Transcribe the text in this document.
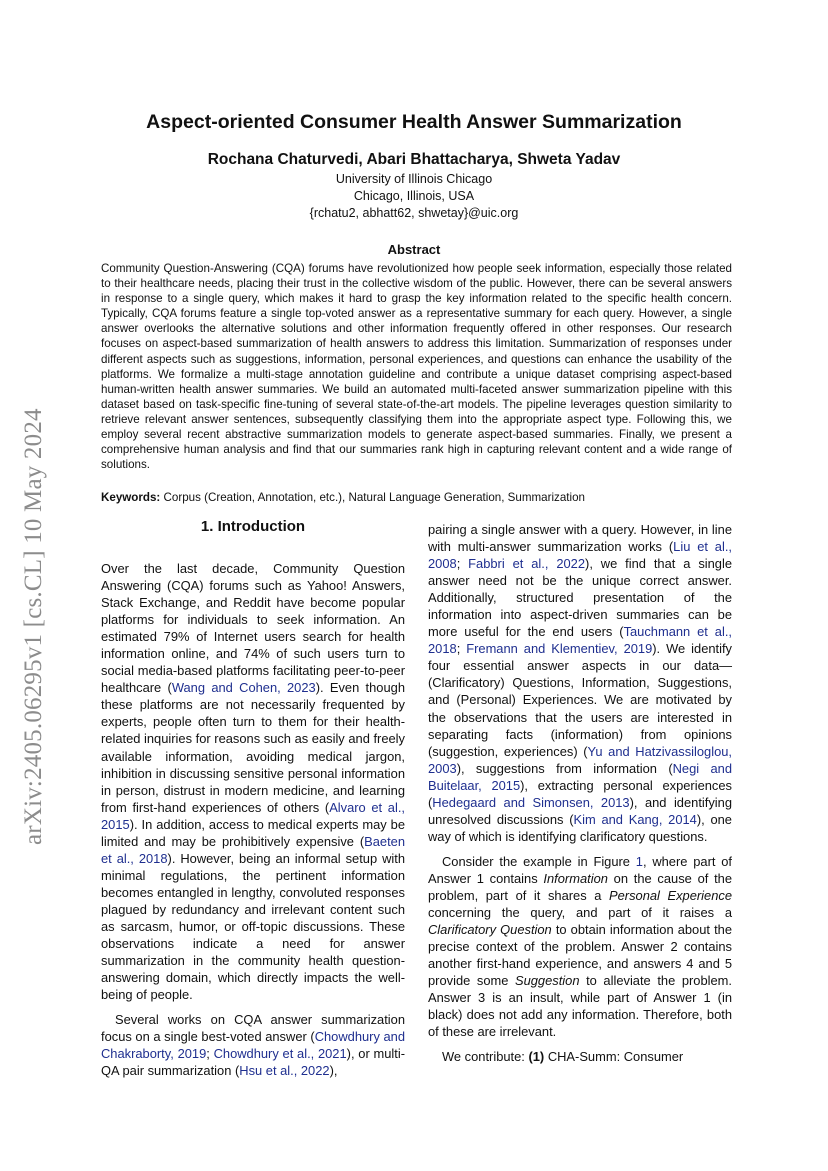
arXiv:2405.06295v1 [cs.CL] 10 May 2024
Aspect-oriented Consumer Health Answer Summarization
Rochana Chaturvedi, Abari Bhattacharya, Shweta Yadav
University of Illinois Chicago
Chicago, Illinois, USA
{rchatu2, abhatt62, shwetay}@uic.org
Abstract
Community Question-Answering (CQA) forums have revolutionized how people seek information, especially those related to their healthcare needs, placing their trust in the collective wisdom of the public. However, there can be several answers in response to a single query, which makes it hard to grasp the key information related to the specific health concern. Typically, CQA forums feature a single top-voted answer as a representative summary for each query. However, a single answer overlooks the alternative solutions and other information frequently offered in other responses. Our research focuses on aspect-based summarization of health answers to address this limitation. Summarization of responses under different aspects such as suggestions, information, personal experiences, and questions can enhance the usability of the platforms. We formalize a multi-stage annotation guideline and contribute a unique dataset comprising aspect-based human-written health answer summaries. We build an automated multi-faceted answer summarization pipeline with this dataset based on task-specific fine-tuning of several state-of-the-art models. The pipeline leverages question similarity to retrieve relevant answer sentences, subsequently classifying them into the appropriate aspect type. Following this, we employ several recent abstractive summarization models to generate aspect-based summaries. Finally, we present a comprehensive human analysis and find that our summaries rank high in capturing relevant content and a wide range of solutions.
Keywords: Corpus (Creation, Annotation, etc.), Natural Language Generation, Summarization
1. Introduction

Over the last decade, Community Question Answering (CQA) forums such as Yahoo! Answers, Stack Exchange, and Reddit have become popular platforms for individuals to seek information. An estimated 79% of Internet users search for health information online, and 74% of such users turn to social media-based platforms facilitating peer-to-peer healthcare (Wang and Cohen, 2023). Even though these platforms are not necessarily frequented by experts, people often turn to them for their health-related inquiries for reasons such as easily and freely available information, avoiding medical jargon, inhibition in discussing sensitive personal information in person, distrust in modern medicine, and learning from first-hand experiences of others (Alvaro et al., 2015). In addition, access to medical experts may be limited and may be prohibitively expensive (Baeten et al., 2018). However, being an informal setup with minimal regulations, the pertinent information becomes entangled in lengthy, convoluted responses plagued by redundancy and irrelevant content such as sarcasm, humor, or off-topic discussions. These observations indicate a need for answer summarization in the community health question-answering domain, which directly impacts the well-being of people.

Several works on CQA answer summarization focus on a single best-voted answer (Chowdhury and Chakraborty, 2019; Chowdhury et al., 2021), or multi-QA pair summarization (Hsu et al., 2022),

pairing a single answer with a query. However, in line with multi-answer summarization works (Liu et al., 2008; Fabbri et al., 2022), we find that a single answer need not be the unique correct answer. Additionally, structured presentation of the information into aspect-driven summaries can be more useful for the end users (Tauchmann et al., 2018; Fremann and Klementiev, 2019). We identify four essential answer aspects in our data—(Clarificatory) Questions, Information, Suggestions, and (Personal) Experiences. We are motivated by the observations that the users are interested in separating facts (information) from opinions (suggestion, experiences) (Yu and Hatzivassiloglou, 2003), suggestions from information (Negi and Buitelaar, 2015), extracting personal experiences (Hedegaard and Simonsen, 2013), and identifying unresolved discussions (Kim and Kang, 2014), one way of which is identifying clarificatory questions.

Consider the example in Figure 1, where part of Answer 1 contains Information on the cause of the problem, part of it shares a Personal Experience concerning the query, and part of it raises a Clarificatory Question to obtain information about the precise context of the problem. Answer 2 contains another first-hand experience, and answers 4 and 5 provide some Suggestion to alleviate the problem. Answer 3 is an insult, while part of Answer 1 (in black) does not add any information. Therefore, both of these are irrelevant.

We contribute: (1) CHA-Summ: Consumer
